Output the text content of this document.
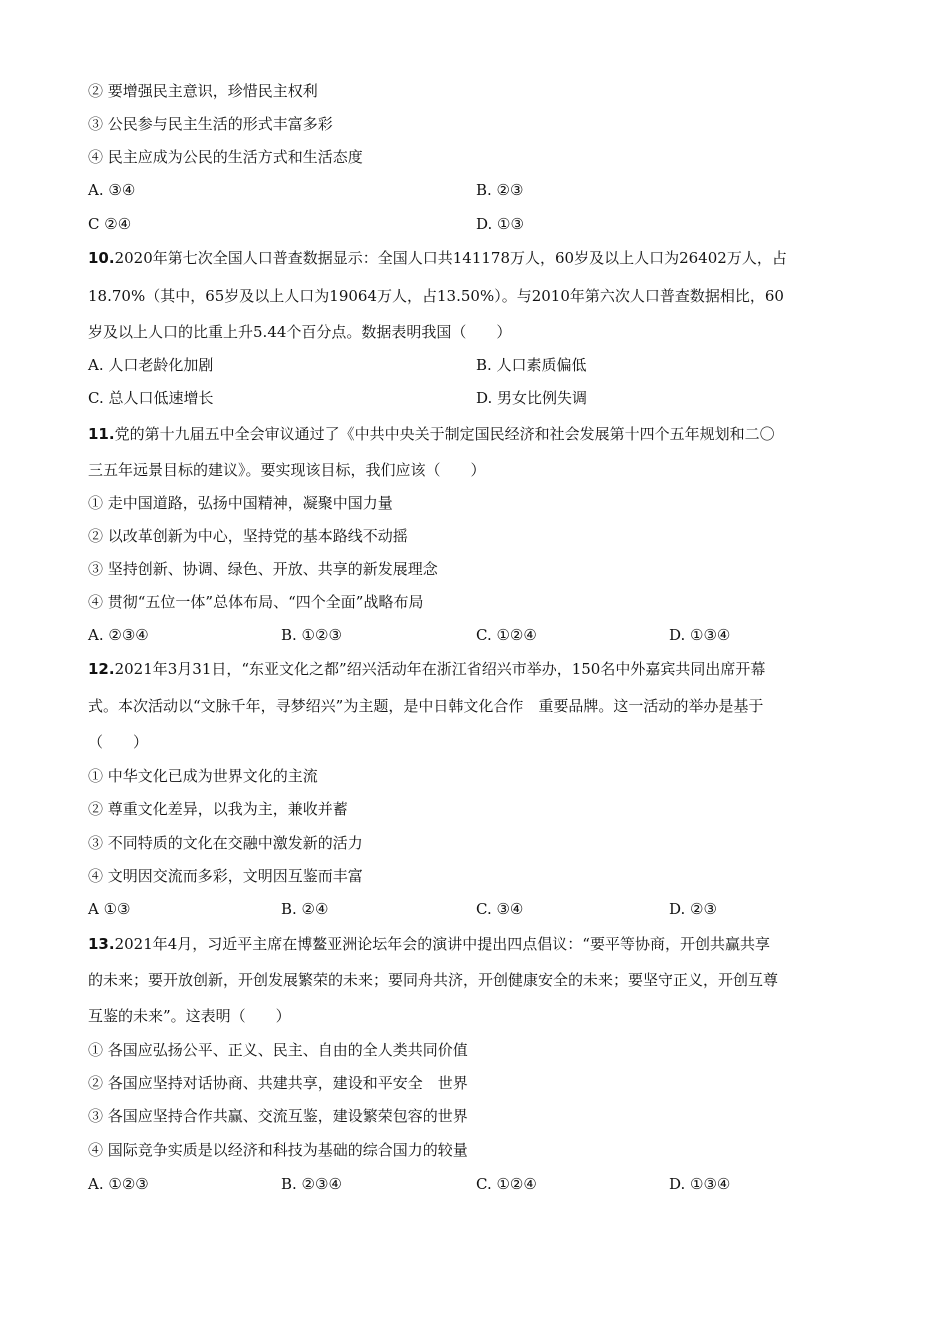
② 要增强民主意识，珍惜民主权利
③ 公民参与民主生活的形式丰富多彩
④ 民主应成为公民的生活方式和生活态度
A. ③④	B. ②③
C ②④	D. ①③
10.2020年第七次全国人口普查数据显示：全国人口共141178万人，60岁及以上人口为26402万人，占
18.70%（其中，65岁及以上人口为19064万人，占13.50%）。与2010年第六次人口普查数据相比，60
岁及以上人口的比重上升5.44个百分点。数据表明我国（　　）
A. 人口老龄化加剧	B. 人口素质偏低
C. 总人口低速增长	D. 男女比例失调
11.党的第十九届五中全会审议通过了《中共中央关于制定国民经济和社会发展第十四个五年规划和二〇
三五年远景目标的建议》。要实现该目标，我们应该（　　）
① 走中国道路，弘扬中国精神，凝聚中国力量
② 以改革创新为中心，坚持党的基本路线不动摇
③ 坚持创新、协调、绿色、开放、共享的新发展理念
④ 贯彻“五位一体”总体布局、“四个全面”战略布局
A. ②③④	B. ①②③	C. ①②④	D. ①③④
12.2021年3月31日，“东亚文化之都”绍兴活动年在浙江省绍兴市举办，150名中外嘉宾共同出席开幕
式。本次活动以“文脉千年，寻梦绍兴”为主题，是中日韩文化合作　重要品牌。这一活动的举办是基于
（　　）
① 中华文化已成为世界文化的主流
② 尊重文化差异，以我为主，兼收并蓄
③ 不同特质的文化在交融中激发新的活力
④ 文明因交流而多彩，文明因互鉴而丰富
A ①③	B. ②④	C. ③④	D. ②③
13.2021年4月，习近平主席在博鳌亚洲论坛年会的演讲中提出四点倡议：“要平等协商，开创共赢共享
的未来；要开放创新，开创发展繁荣的未来；要同舟共济，开创健康安全的未来；要坚守正义，开创互尊
互鉴的未来”。这表明（　　）
① 各国应弘扬公平、正义、民主、自由的全人类共同价值
② 各国应坚持对话协商、共建共享，建设和平安全　世界
③ 各国应坚持合作共赢、交流互鉴，建设繁荣包容的世界
④ 国际竞争实质是以经济和科技为基础的综合国力的较量
A. ①②③	B. ②③④	C. ①②④	D. ①③④
